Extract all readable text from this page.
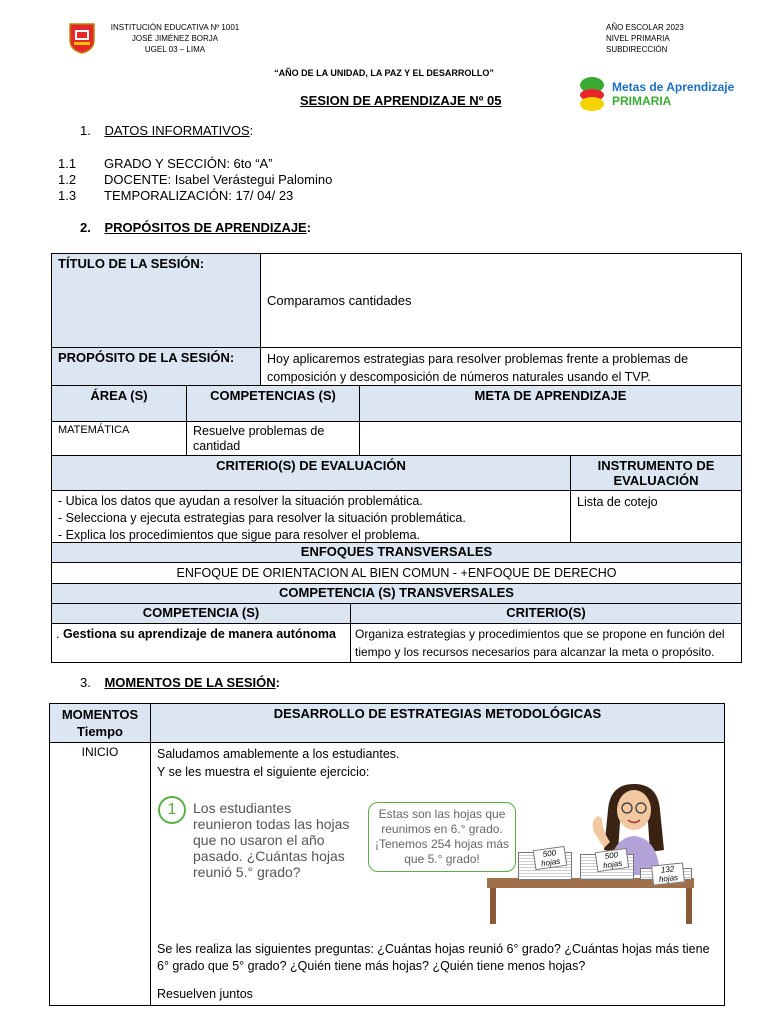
INSTITUCIÓN EDUCATIVA Nº 1001
JOSÉ JIMÉNEZ BORJA
UGEL 03 – LIMA
AÑO ESCOLAR 2023
NIVEL PRIMARIA
SUBDIRECCIÓN
“AÑO DE LA UNIDAD, LA PAZ Y EL DESARROLLO”
SESION DE APRENDIZAJE Nº 05
Metas de Aprendizaje
PRIMARIA
1. DATOS INFORMATIVOS:
1.1 GRADO Y SECCIÓN: 6to “A”
1.2 DOCENTE: Isabel Verástegui Palomino
1.3 TEMPORALIZACIÓN: 17/ 04/ 23
2. PROPÓSITOS DE APRENDIZAJE:
TÍTULO DE LA SESIÓN:	Comparamos cantidades
PROPÓSITO DE LA SESIÓN:	Hoy aplicaremos estrategias para resolver problemas frente a problemas de composición y descomposición de números naturales usando el TVP.
ÁREA (S)	COMPETENCIAS (S)	META DE APRENDIZAJE
MATEMÁTICA	Resuelve problemas de cantidad	
CRITERIO(S) DE EVALUACIÓN	INSTRUMENTO DE EVALUACIÓN

- Ubica los datos que ayudan a resolver la situación problemática.
- Selecciona y ejecuta estrategias para resolver la situación problemática.
- Explica los procedimientos que sigue para resolver el problema.	Lista de cotejo
ENFOQUES TRANSVERSALES	
ENFOQUE DE ORIENTACION AL BIEN COMUN - +ENFOQUE DE DERECHO	
COMPETENCIA (S) TRANSVERSALES	
COMPETENCIA (S)	CRITERIO(S)
. Gestiona su aprendizaje de manera autónoma	Organiza estrategias y procedimientos que se propone en función del tiempo y los recursos necesarios para alcanzar la meta o propósito.
3. MOMENTOS DE LA SESIÓN:
MOMENTOS
Tiempo	DESARROLLO DE ESTRATEGIAS METODOLÓGICAS
INICIO	Saludamos amablemente a los estudiantes.
Y se les muestra el siguiente ejercicio:
Se les realiza las siguientes preguntas: ¿Cuántas hojas reunió 6° grado? ¿Cuántas hojas más tiene 6° grado que 5° grado? ¿Quién tiene más hojas? ¿Quién tiene menos hojas?
Resuelven juntos
1	Los estudiantes reunieron todas las hojas que no usaron el año pasado. ¿Cuántas hojas reunió 5.° grado?
Estas son las hojas que reunimos en 6.° grado. ¡Tenemos 254 hojas más que 5.° grado!	500 hojas
500 hojas	132 hojas
